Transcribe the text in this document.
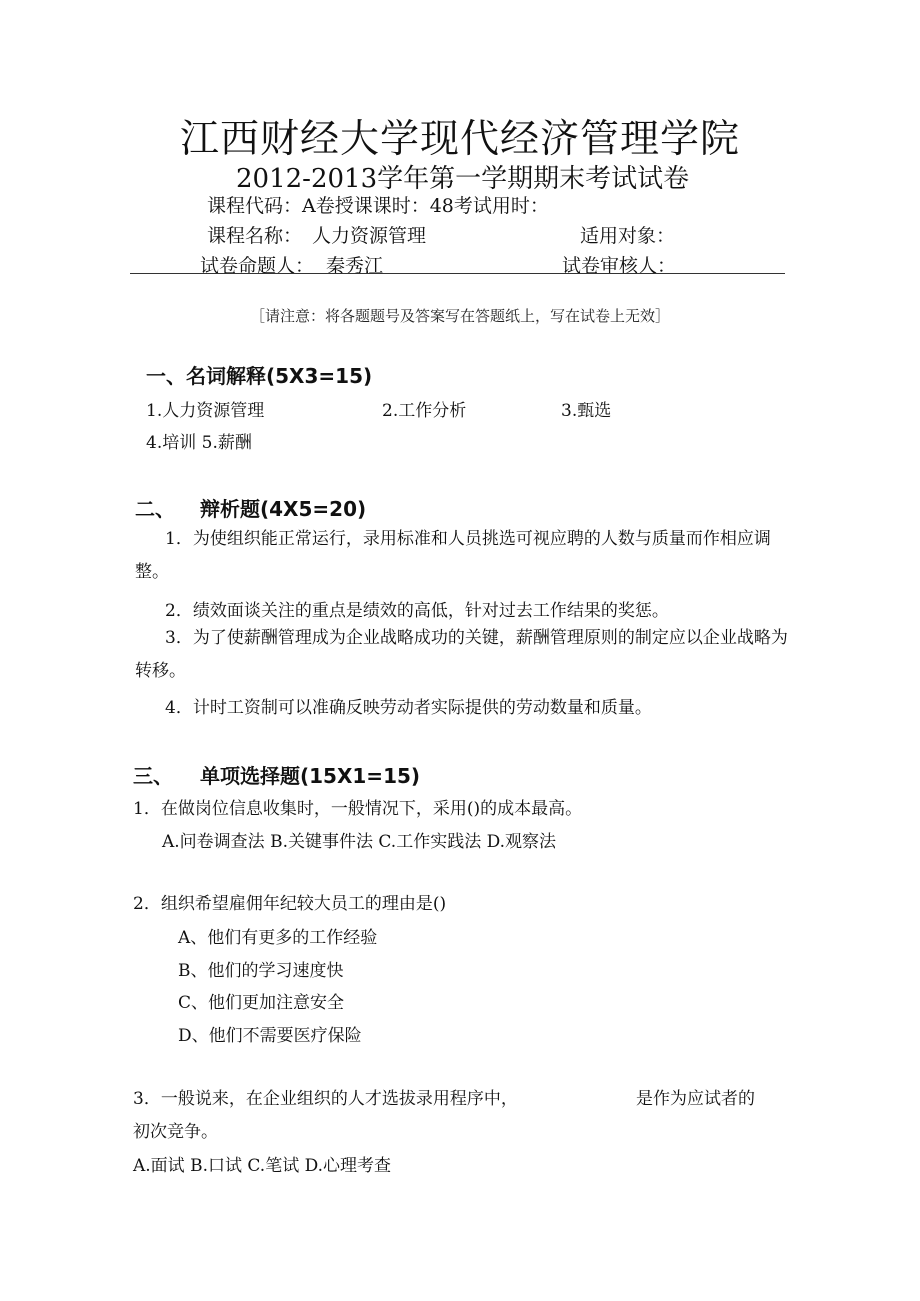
江西财经大学现代经济管理学院
2012-2013学年第一学期期末考试试卷
课程代码：A卷授课课时：48考试用时：
课程名称： 人力资源管理	适用对象：
试卷命题人： 秦秀江	试卷审核人：
［请注意：将各题题号及答案写在答题纸上，写在试卷上无效］
一、名词解释(5X3=15)
1.人力资源管理	2.工作分析	3.甄选
4.培训 5.薪酬
二、 辩析题(4X5=20)
1．为使组织能正常运行，录用标准和人员挑选可视应聘的人数与质量而作相应调整。
2．绩效面谈关注的重点是绩效的高低，针对过去工作结果的奖惩。
3．为了使薪酬管理成为企业战略成功的关键，薪酬管理原则的制定应以企业战略为转移。
4．计时工资制可以准确反映劳动者实际提供的劳动数量和质量。
三、 单项选择题(15X1=15)
1．在做岗位信息收集时，一般情况下，采用()的成本最高。
A.问卷调查法 B.关键事件法 C.工作实践法 D.观察法
2．组织希望雇佣年纪较大员工的理由是()
A、他们有更多的工作经验
B、他们的学习速度快
C、他们更加注意安全
D、他们不需要医疗保险
3．一般说来，在企业组织的人才选拔录用程序中，	是作为应试者的
初次竞争。
A.面试 B.口试 C.笔试 D.心理考查
